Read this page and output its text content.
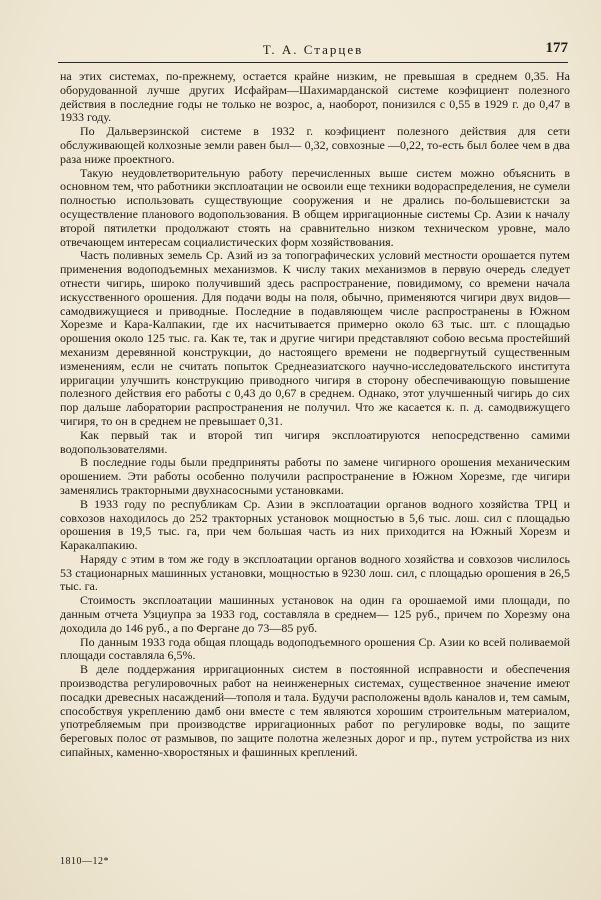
Т. А. Старцев	177

на этих системах, по-прежнему, остается крайне низким, не превышая в среднем 0,35. На оборудованной лучше других Исфайрам—Шахимарданской системе коэфициент полезного действия в последние годы не только не возрос, а, наоборот, понизился с 0,55 в 1929 г. до 0,47 в 1933 году.

По Дальверзинской системе в 1932 г. коэфициент полезного действия для сети обслуживающей колхозные земли равен был— 0,32, совхозные —0,22, то-есть был более чем в два раза ниже проектного.

Такую неудовлетворительную работу перечисленных выше систем можно объяснить в основном тем, что работники эксплоатации не освоили еще техники водораспределения, не сумели полностью использовать существующие сооружения и не дрались по-большевистски за осуществление планового водопользования. В общем ирригационные системы Ср. Азии к началу второй пятилетки продолжают стоять на сравнительно низком техническом уровне, мало отвечающем интересам социалистических форм хозяйствования.

Часть поливных земель Ср. Азий из за топографических условий местности орошается путем применения водоподъемных механизмов. К числу таких механизмов в первую очередь следует отнести чигирь, широко получивший здесь распространение, повидимому, со времени начала искусственного орошения. Для подачи воды на поля, обычно, применяются чигири двух видов—самодвижущиеся и приводные. Последние в подавляющем числе распространены в Южном Хорезме и Кара-Калпакии, где их насчитывается примерно около 63 тыс. шт. с площадью орошения около 125 тыс. га. Как те, так и другие чигири представляют собою весьма простейший механизм деревянной конструкции, до настоящего времени не подвергнутый существенным изменениям, если не считать попыток Среднеазиатского научно-исследовательского института ирригации улучшить конструкцию приводного чигиря в сторону обеспечивающую повышение полезного действия его работы с 0,43 до 0,67 в среднем. Однако, этот улучшенный чигирь до сих пор дальше лаборатории распространения не получил. Что же касается к. п. д. самодвижущего чигиря, то он в среднем не превышает 0,31.

Как первый так и второй тип чигиря эксплоатируются непосредственно самими водопользователями.

В последние годы были предприняты работы по замене чигирного орошения механическим орошением. Эти работы особенно получили распространение в Южном Хорезме, где чигири заменялись тракторными двухнасосными установками.

В 1933 году по республикам Ср. Азии в эксплоатации органов водного хозяйства ТРЦ и совхозов находилось до 252 тракторных установок мощностью в 5,6 тыс. лош. сил с площадью орошения в 19,5 тыс. га, при чем большая часть из них приходится на Южный Хорезм и Каракалпакию.

Наряду с этим в том же году в эксплоатации органов водного хозяйства и совхозов числилось 53 стационарных машинных установки, мощностью в 9230 лош. сил, с площадью орошения в 26,5 тыс. га.

Стоимость эксплоатации машинных установок на один га орошаемой ими площади, по данным отчета Узциупра за 1933 год, составляла в среднем— 125 руб., причем по Хорезму она доходила до 146 руб., а по Фергане до 73—85 руб.

По данным 1933 года общая площадь водоподъемного орошения Ср. Азии ко всей поливаемой площади составляла 6,5%.

В деле поддержания ирригационных систем в постоянной исправности и обеспечения производства регулировочных работ на неинженерных системах, существенное значение имеют посадки древесных насаждений—тополя и тала. Будучи расположены вдоль каналов и, тем самым, способствуя укреплению дамб они вместе с тем являются хорошим строительным материалом, употребляемым при производстве ирригационных работ по регулировке воды, по защите береговых полос от размывов, по защите полотна железных дорог и пр., путем устройства из них сипайных, каменно-хворостяных и фашинных креплений.

1810—12*
